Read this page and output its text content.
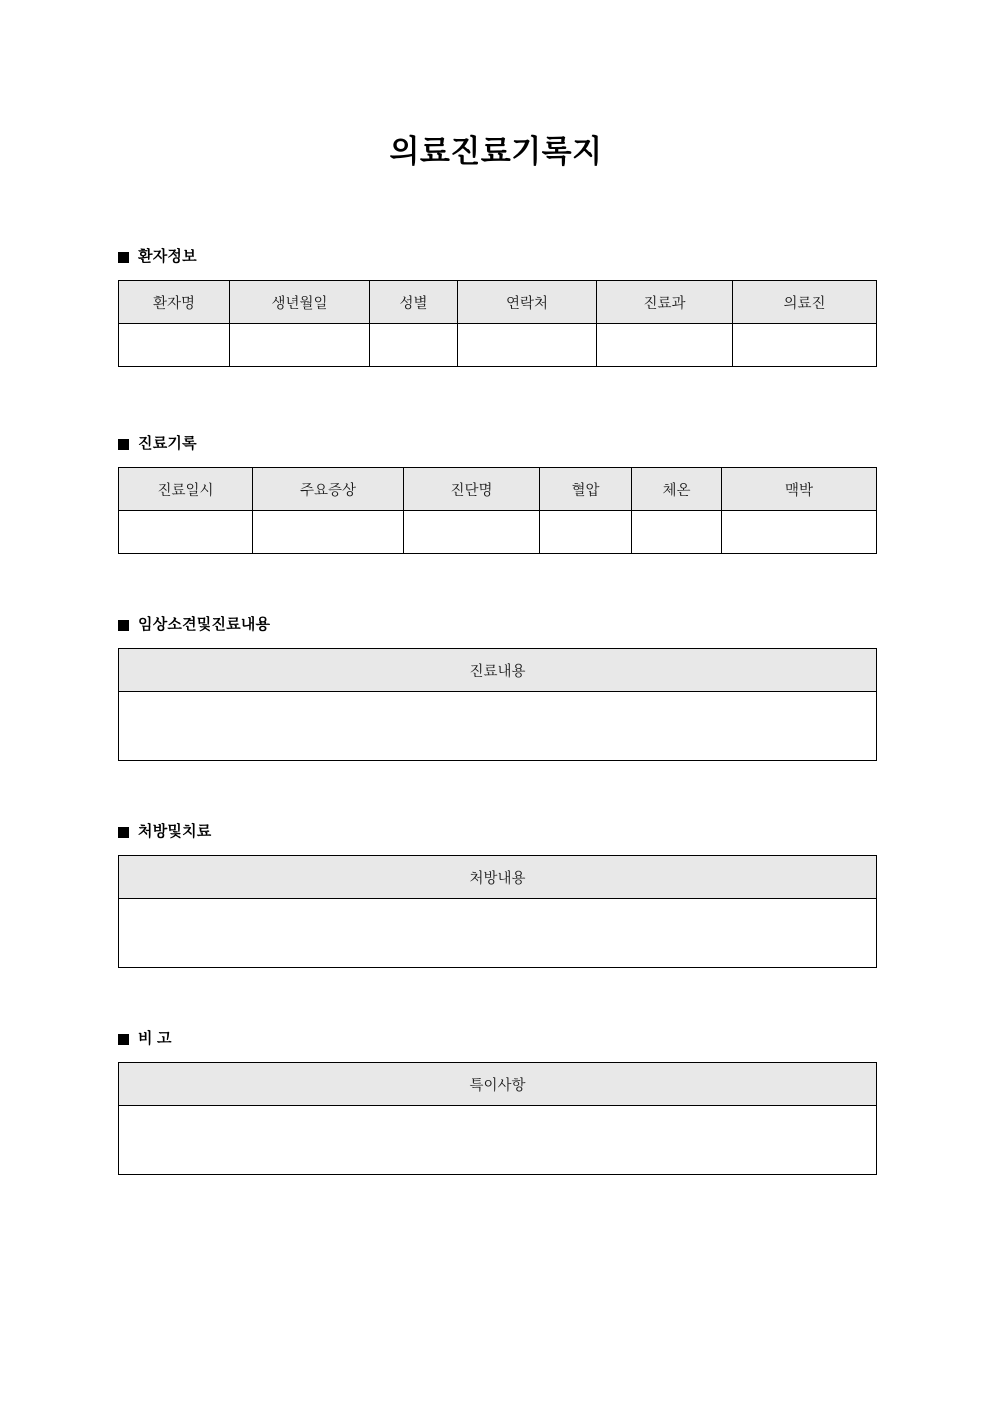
의료진료기록지
환자정보
환자명	생년월일	성별	연락처	진료과	의료진

진료기록
진료일시	주요증상	진단명	혈압	체온	맥박

임상소견및진료내용
진료내용

처방및치료
처방내용

비 고
특이사항
